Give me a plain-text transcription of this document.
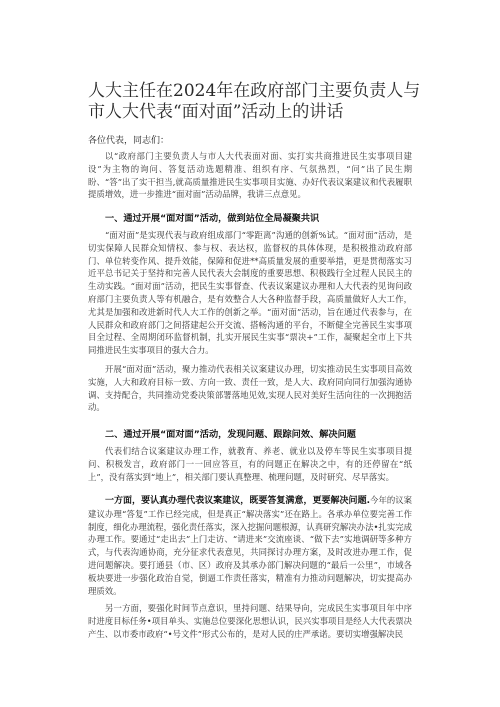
人大主任在2024年在政府部门主要负责人与市人大代表“面对面”活动上的讲话

各位代表，同志们：

以“政府部门主要负责人与市人大代表面对面、实打实共商推进民生实事项目建设”为主物的询问、答复活动选题精准、组织有序、气氛热烈，“问”出了民生期盼、“答”出了实干担当,就高质量推进民生实事项目实施、办好代表议案建议和代表履职提质增效，进一步推进“面对面”活动品牌，我讲三点意见。

一、通过开展“面对面”活动，做到站位全局凝聚共识

“面对面”是实现代表与政府组成部门“零距离”沟通的创新%试。“面对面”活动，是切实保障人民群众知情权、参与权、表达权，监督权的具体体现，是积极推动政府部门、单位转变作风、提升效能，保障和促进**高质量发展的重要举措，更是贯彻落实习近平总书记关于坚持和完善人民代表大会制度的重要思想、积极践行全过程人民民主的生动实践。“面对面”活动，把民生实事督查、代表议案建议办理和人大代表约见询问政府部门主要负责人等有机融合，是有效整合人大各种监督手段，高质量做好人大工作，尤其是加强和改进新时代人大工作的创新之举。“面对面”活动，旨在通过代表参与，在人民群众和政府部门之间搭建起公开交流、搭畅沟通的平台，不断健全完善民生实事项目全过程、全周期闭环监督机制，扎实开展民生实事“票决+”工作，凝聚起全市上下共同推进民生实事项目的强大合力。

开展“面对面”活动，聚力推动代表相关议案建议办理，切实推动民生实事项目高效实施，人大和政府目标一致、方向一致、责任一致，是人大、政府同向同行加强沟通协调、支持配合，共同推动党委决策部署落地见效,实现人民对美好生活向往的一次拥抱活动。

二、通过开展“面对面”活动，发现问题、跟踪问效、解决问题

代表们结合议案建议办理工作，就教育、养老、就业以及停车等民生实事项目提问、积极发言，政府部门一一回应答亘，有的问题正在解决之中，有的还停留在“纸上”，没有落实到“地上”，相关部门要认真整理、梳理问题，及时研究、尽早落实。

一方面，要认真办理代表议案建议，既要答复满意，更要解决问题.今年的议案建议办理“答复”工作已经完成，但是真正“解决落实”还在路上。各承办单位要完善工作制度，细化办理流程，强化责任落实，深入挖掘问题根源，认真研究解决办法•扎实完成办理工作。要通过“走出去”上门走访、“请进来”交流座谈、“做下去”实地调研等多种方式，与代表沟通协商，充分征求代表意见，共同探讨办理方案，及时改进办理工作，促进问题解决。要打通县（市、区）政府及其承办部门解决问题的“最后一公里”，市域各板块要进一步强化政治自觉，倒逼工作责任落实，精准有力推动问题解决，切实提高办理质效。

另一方面，要强化时间节点意识，里持问题、结果导向，完成民生实事项目年中序时进度目标任务•项目单头、实施总位要深化思想认识，民兴实事项目是经人大代表票决产生、以市委市政府“•号文件”形式公布的，是对人民的庄严承诺。要切实增强解决民
